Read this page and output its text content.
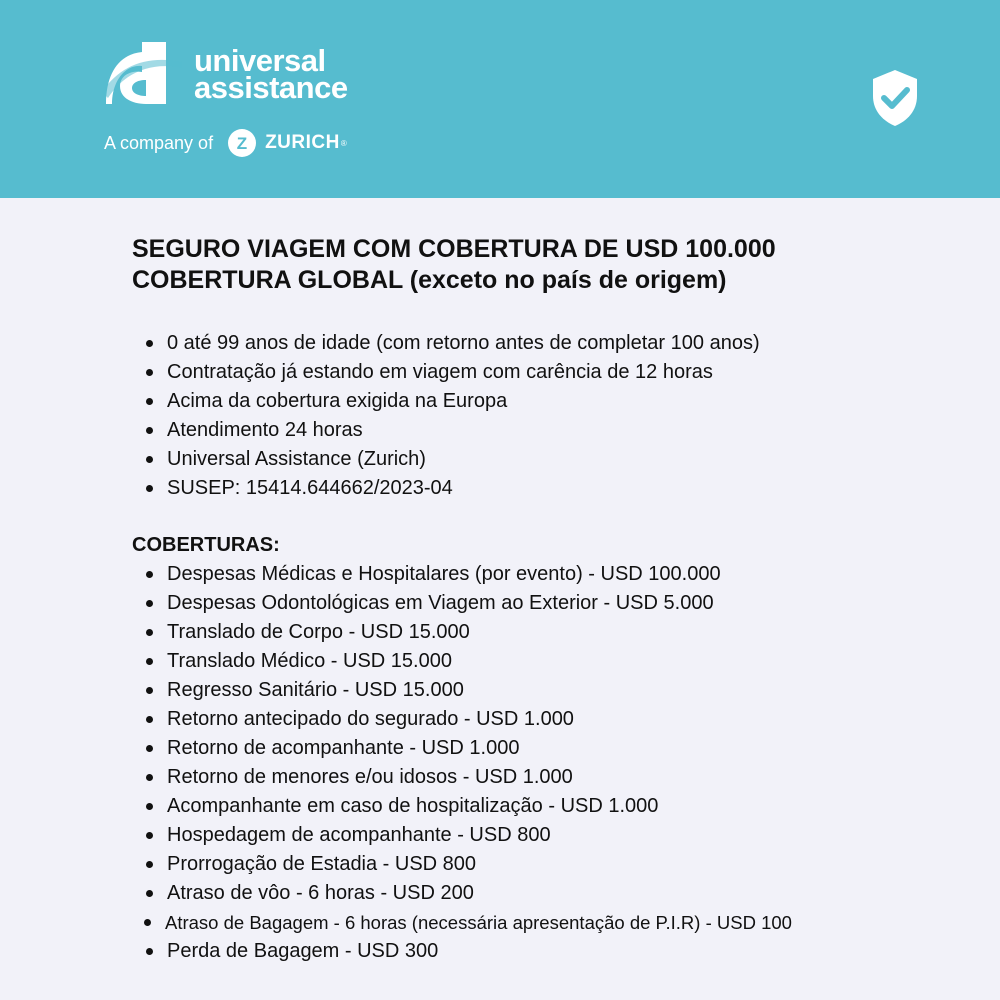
universal
assistance
A company of Z ZURICH ®
SEGURO VIAGEM COM COBERTURA DE USD 100.000
COBERTURA GLOBAL (exceto no país de origem)
0 até 99 anos de idade (com retorno antes de completar 100 anos)
Contratação já estando em viagem com carência de 12 horas
Acima da cobertura exigida na Europa
Atendimento 24 horas
Universal Assistance (Zurich)
SUSEP: 15414.644662/2023-04
COBERTURAS:
Despesas Médicas e Hospitalares (por evento) - USD 100.000
Despesas Odontológicas em Viagem ao Exterior - USD 5.000
Translado de Corpo - USD 15.000
Translado Médico - USD 15.000
Regresso Sanitário - USD 15.000
Retorno antecipado do segurado - USD 1.000
Retorno de acompanhante - USD 1.000
Retorno de menores e/ou idosos - USD 1.000
Acompanhante em caso de hospitalização - USD 1.000
Hospedagem de acompanhante - USD 800
Prorrogação de Estadia - USD 800
Atraso de vôo - 6 horas - USD 200
Atraso de Bagagem - 6 horas (necessária apresentação de P.I.R) - USD 100
Perda de Bagagem - USD 300
